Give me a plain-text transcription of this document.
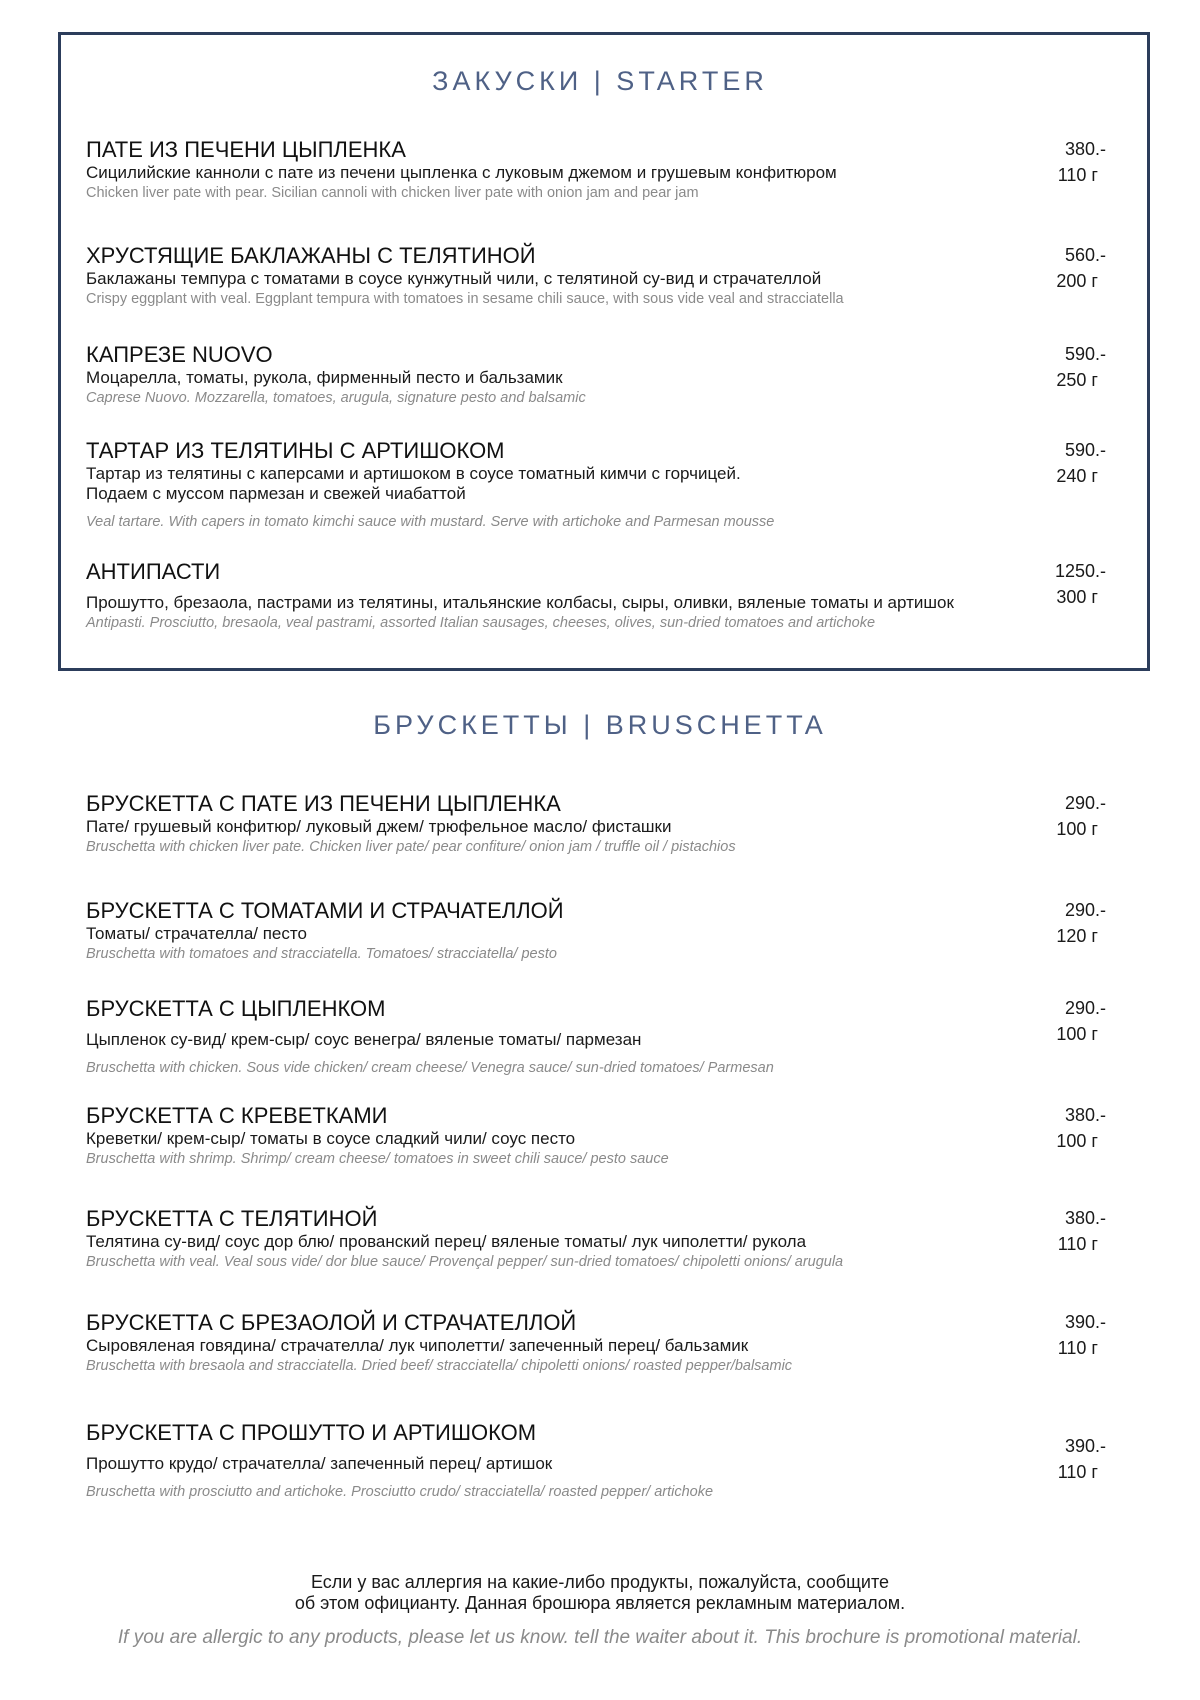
ЗАКУСКИ | STARTER

ПАТЕ ИЗ ПЕЧЕНИ ЦЫПЛЕНКА

Сицилийские канноли с пате из печени цыпленка с луковым джемом и грушевым конфитюром

Chicken liver pate with pear. Sicilian cannoli with chicken liver pate with onion jam and pear jam

380.-
110 г

ХРУСТЯЩИЕ БАКЛАЖАНЫ С ТЕЛЯТИНОЙ

Баклажаны темпура с томатами в соусе кунжутный чили, с телятиной су-вид и страчателлой

Crispy eggplant with veal. Eggplant tempura with tomatoes in sesame chili sauce, with sous vide veal and stracciatella

560.-
200 г

КАПРЕЗЕ NUOVO

Моцарелла, томаты, рукола, фирменный песто и бальзамик

Caprese Nuovo. Mozzarella, tomatoes, arugula, signature pesto and balsamic

590.-
250 г

ТАРТАР ИЗ ТЕЛЯТИНЫ С АРТИШОКОМ

Тартар из телятины с каперсами и артишоком в соусе томатный кимчи с горчицей.
Подаем с муссом пармезан и свежей чиабаттой

Veal tartare. With capers in tomato kimchi sauce with mustard. Serve with artichoke and Parmesan mousse

590.-
240 г

АНТИПАСТИ

Прошутто, брезаола, пастрами из телятины, итальянские колбасы, сыры, оливки, вяленые томаты и артишок

Antipasti. Prosciutto, bresaola, veal pastrami, assorted Italian sausages, cheeses, olives, sun-dried tomatoes and artichoke

1250.-
300 г
БРУСКЕТТЫ | BRUSCHETTA

БРУСКЕТТА С ПАТЕ ИЗ ПЕЧЕНИ ЦЫПЛЕНКА

Пате/ грушевый конфитюр/ луковый джем/ трюфельное масло/ фисташки

Bruschetta with chicken liver pate. Chicken liver pate/ pear confiture/ onion jam / truffle oil / pistachios

290.-
100 г

БРУСКЕТТА С ТОМАТАМИ И СТРАЧАТЕЛЛОЙ

Томаты/ страчателла/ песто

Bruschetta with tomatoes and stracciatella. Tomatoes/ stracciatella/ pesto

290.-
120 г

БРУСКЕТТА С ЦЫПЛЕНКОМ

Цыпленок су-вид/ крем-сыр/ соус венегра/ вяленые томаты/ пармезан

Bruschetta with chicken. Sous vide chicken/ cream cheese/ Venegra sauce/ sun-dried tomatoes/ Parmesan

290.-
100 г

БРУСКЕТТА С КРЕВЕТКАМИ

Креветки/ крем-сыр/ томаты в соусе сладкий чили/ соус песто

Bruschetta with shrimp. Shrimp/ cream cheese/ tomatoes in sweet chili sauce/ pesto sauce

380.-
100 г

БРУСКЕТТА С ТЕЛЯТИНОЙ

Телятина су-вид/ соус дор блю/ прованский перец/ вяленые томаты/ лук чиполетти/ рукола

Bruschetta with veal. Veal sous vide/ dor blue sauce/ Provençal pepper/ sun-dried tomatoes/ chipoletti onions/ arugula

380.-
110 г

БРУСКЕТТА С БРЕЗАОЛОЙ И СТРАЧАТЕЛЛОЙ

Сыровяленая говядина/ страчателла/ лук чиполетти/ запеченный перец/ бальзамик

Bruschetta with bresaola and stracciatella. Dried beef/ stracciatella/ chipoletti onions/ roasted pepper/balsamic

390.-
110 г

БРУСКЕТТА С ПРОШУТТО И АРТИШОКОМ

Прошутто крудо/ страчателла/ запеченный перец/ артишок

Bruschetta with prosciutto and artichoke. Prosciutto crudo/ stracciatella/ roasted pepper/ artichoke

390.-
110 г
Если у вас аллергия на какие-либо продукты, пожалуйста, сообщите
об этом официанту. Данная брошюра является рекламным материалом.
If you are allergic to any products, please let us know. tell the waiter about it. This brochure is promotional material.
